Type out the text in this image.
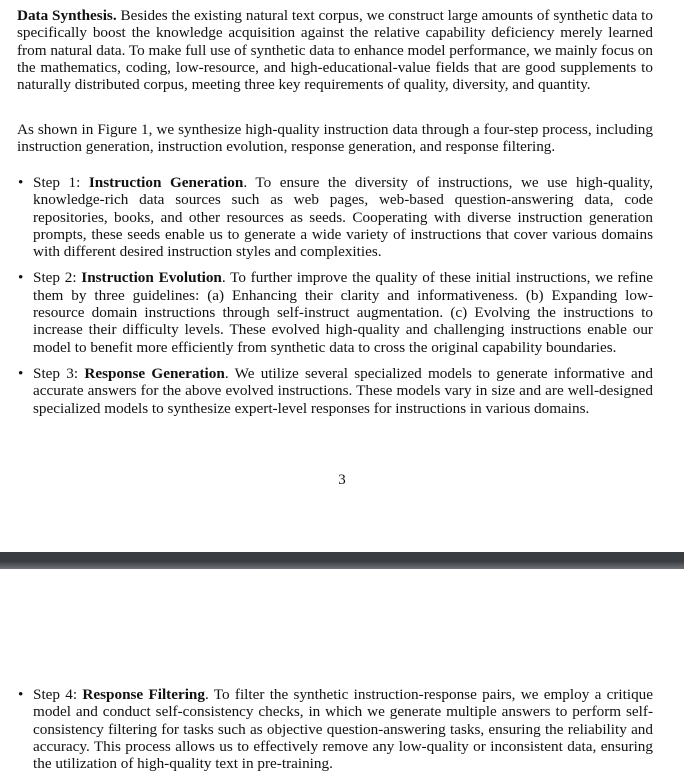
Data Synthesis. Besides the existing natural text corpus, we construct large amounts of synthetic data to specifically boost the knowledge acquisition against the relative capability deficiency merely learned from natural data. To make full use of synthetic data to enhance model performance, we mainly focus on the mathematics, coding, low-resource, and high-educational-value fields that are good supplements to naturally distributed corpus, meeting three key requirements of quality, diversity, and quantity.

As shown in Figure 1, we synthesize high-quality instruction data through a four-step process, including instruction generation, instruction evolution, response generation, and response filtering.

• Step 1: Instruction Generation. To ensure the diversity of instructions, we use high-quality, knowledge-rich data sources such as web pages, web-based question-answering data, code repositories, books, and other resources as seeds. Cooperating with diverse instruction generation prompts, these seeds enable us to generate a wide variety of instructions that cover various domains with different desired instruction styles and complexities.
• Step 2: Instruction Evolution. To further improve the quality of these initial instructions, we refine them by three guidelines: (a) Enhancing their clarity and informativeness. (b) Expanding low-resource domain instructions through self-instruct augmentation. (c) Evolving the instructions to increase their difficulty levels. These evolved high-quality and challenging instructions enable our model to benefit more efficiently from synthetic data to cross the original capability boundaries.
• Step 3: Response Generation. We utilize several specialized models to generate informative and accurate answers for the above evolved instructions. These models vary in size and are well-designed specialized models to synthesize expert-level responses for instructions in various domains.
3
• Step 4: Response Filtering. To filter the synthetic instruction-response pairs, we employ a critique model and conduct self-consistency checks, in which we generate multiple answers to perform self-consistency filtering for tasks such as objective question-answering tasks, ensuring the reliability and accuracy. This process allows us to effectively remove any low-quality or inconsistent data, ensuring the utilization of high-quality text in pre-training.
